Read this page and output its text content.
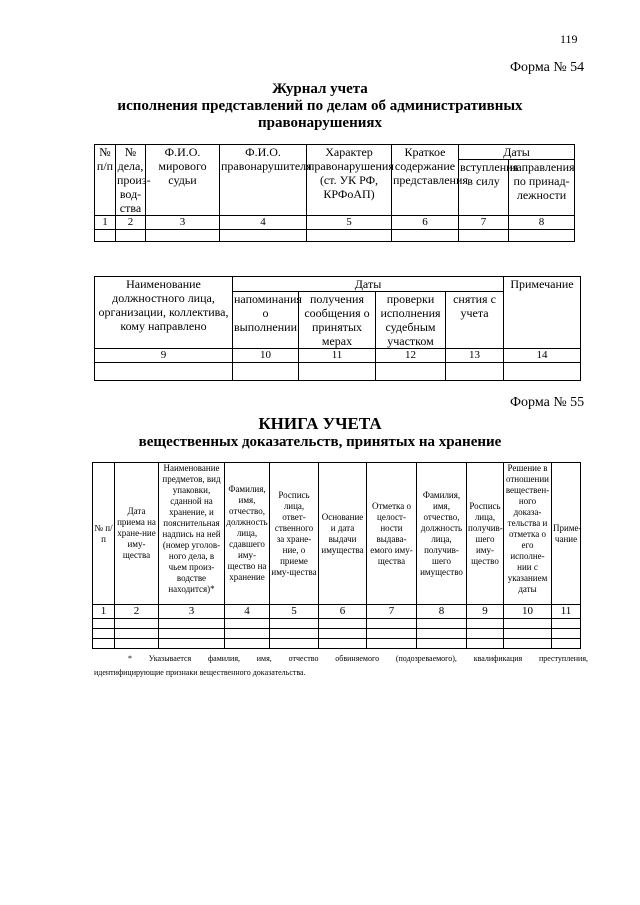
119
Форма № 54
Журнал учета
исполнения представлений по делам об административных
правонарушениях
№ п/п	№ дела, произ-вод-ства	Ф.И.О. мирового судьи	Ф.И.О. правонарушителя	Характер правонарушения (ст. УК РФ, КРФоАП)	Краткое содержание представления	Даты	
						вступления в силу	направления по принад-лежности
1	2	3	4	5	6	7	8

Наименование должностного лица, организации, коллектива, кому направлено	Даты				Примечание
	напоминания о выполнении	получения сообщения о принятых мерах	проверки исполнения судебным участком	снятия с учета	
9	10	11	12	13	14

Форма № 55
КНИГА УЧЕТА
вещественных доказательств, принятых на хранение
№ п/п	Дата приема на хране-ние иму-щества	Наименование предметов, вид упаковки, сданной на хранение, и пояснительная надпись на ней (номер уголов-ного дела, в чьем произ-водстве находится)*	Фамилия, имя, отчество, должность лица, сдавшего иму-щество на хранение	Роспись лица, ответ-ственного за хране-ние, о приеме иму-щества	Основание и дата выдачи имущества	Отметка о целост-ности выдава-емого иму-щества	Фамилия, имя, отчество, должность лица, получив-шего имущество	Роспись лица, получив-шего иму-щество	Решение в отношении веществен-ного доказа-тельства и отметка о его исполне-нии с указанием даты	Приме-чание
1	2	3	4	5	6	7	8	9	10	11

* Указывается фамилия, имя, отчество обвиняемого (подозреваемого), квалификация преступления,
идентифицирующие признаки вещественного доказательства.
